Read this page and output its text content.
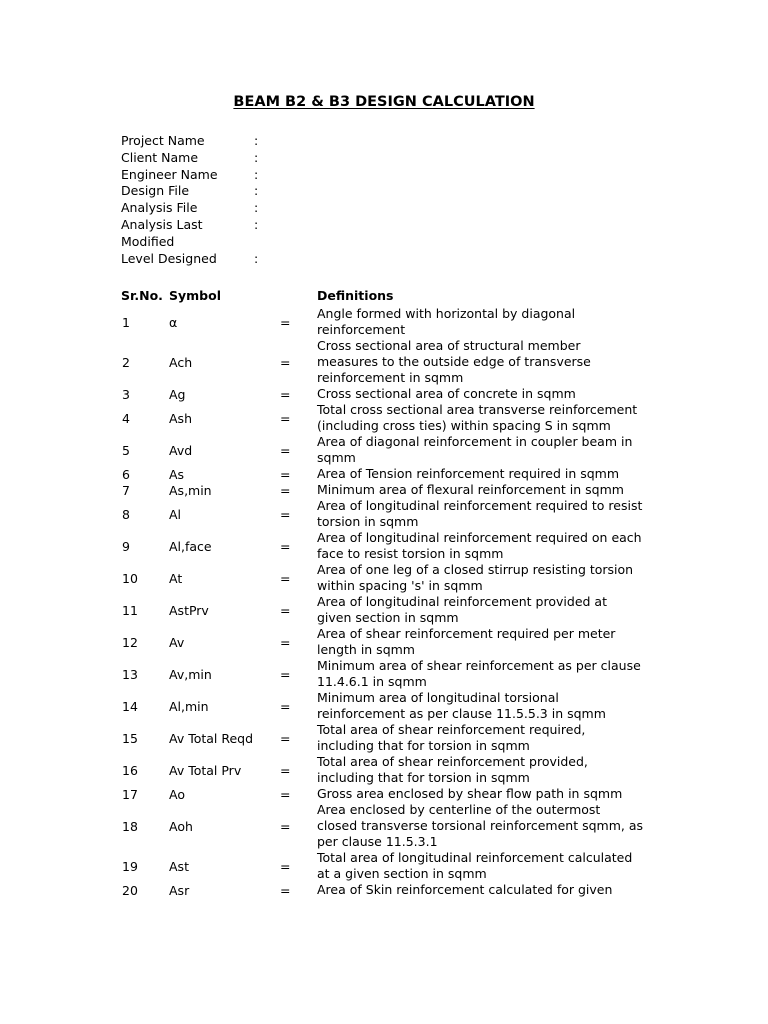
BEAM B2 & B3 DESIGN CALCULATION
Project Name	:
Client Name	:
Engineer Name	:
Design File	:
Analysis File	:
Analysis Last Modified
:
Level Designed	:
Sr.No. Symbol	Definitions
1	α	=
Angle formed with horizontal by diagonal reinforcement
2	Ach	=
Cross sectional area of structural member measures to the outside edge of transverse reinforcement in sqmm
3	Ag	= Cross sectional area of concrete in sqmm
4	Ash	=
Total cross sectional area transverse reinforcement (including cross ties) within spacing S in sqmm
5	Avd	=
Area of diagonal reinforcement in coupler beam in sqmm
6	As	= Area of Tension reinforcement required in sqmm
7	As,min	= Minimum area of flexural reinforcement in sqmm
8	Al	=
Area of longitudinal reinforcement required to resist torsion in sqmm
9	Al,face	=
Area of longitudinal reinforcement required on each face to resist torsion in sqmm
10 At	=
Area of one leg of a closed stirrup resisting torsion within spacing 's' in sqmm
11 AstPrv	=
Area of longitudinal reinforcement provided at given section in sqmm
12 Av	=
Area of shear reinforcement required per meter length in sqmm
13 Av,min	=
Minimum area of shear reinforcement as per clause 11.4.6.1 in sqmm
14 Al,min	=
Minimum area of longitudinal torsional reinforcement as per clause 11.5.5.3 in sqmm
15 Av Total Reqd =
Total area of shear reinforcement required, including that for torsion in sqmm
16 Av Total Prv	=
Total area of shear reinforcement provided, including that for torsion in sqmm
17 Ao	= Gross area enclosed by shear flow path in sqmm
18 Aoh	=
Area enclosed by centerline of the outermost closed transverse torsional reinforcement sqmm, as per clause 11.5.3.1
19 Ast	=
Total area of longitudinal reinforcement calculated at a given section in sqmm
20 Asr	= Area of Skin reinforcement calculated for given
